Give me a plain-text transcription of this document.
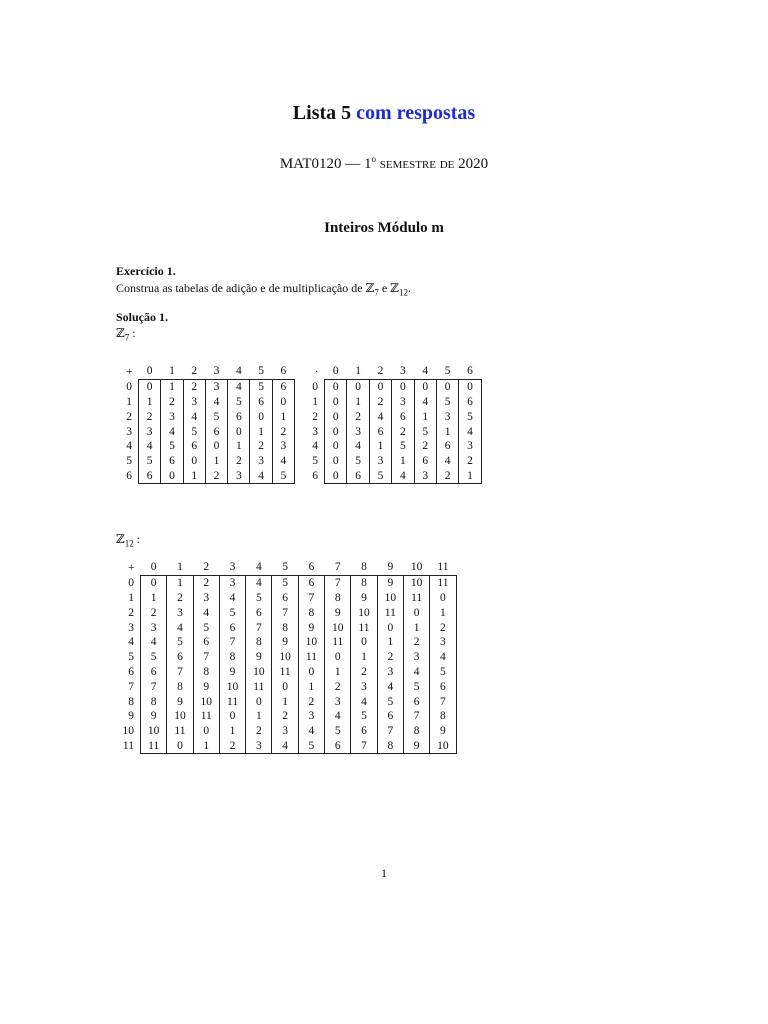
Lista 5 com respostas
MAT0120 — 1$^o$ semestre de 2020
Inteiros Módulo m
Exercício 1.
Construa as tabelas de adição e de multiplicação de ℤ$_7$ e ℤ$_{12}$.
Solução 1.
ℤ$_7$ :
+	0	1	2	3	4	5	6
0	0	1	2	3	4	5	6
1	1	2	3	4	5	6	0
2	2	3	4	5	6	0	1
3	3	4	5	6	0	1	2
4	4	5	6	0	1	2	3
5	5	6	0	1	2	3	4
6	6	0	1	2	3	4	5
·	0	1	2	3	4	5	6
0	0	0	0	0	0	0	0
1	0	1	2	3	4	5	6
2	0	2	4	6	1	3	5
3	0	3	6	2	5	1	4
4	0	4	1	5	2	6	3
5	0	5	3	1	6	4	2
6	0	6	5	4	3	2	1
ℤ$_{12}$ :
+	0	1	2	3	4	5	6	7	8	9	10	11
0	0	1	2	3	4	5	6	7	8	9	10	11
1	1	2	3	4	5	6	7	8	9	10	11	0
2	2	3	4	5	6	7	8	9	10	11	0	1
3	3	4	5	6	7	8	9	10	11	0	1	2
4	4	5	6	7	8	9	10	11	0	1	2	3
5	5	6	7	8	9	10	11	0	1	2	3	4
6	6	7	8	9	10	11	0	1	2	3	4	5
7	7	8	9	10	11	0	1	2	3	4	5	6
8	8	9	10	11	0	1	2	3	4	5	6	7
9	9	10	11	0	1	2	3	4	5	6	7	8
10	10	11	0	1	2	3	4	5	6	7	8	9
11	11	0	1	2	3	4	5	6	7	8	9	10
1
